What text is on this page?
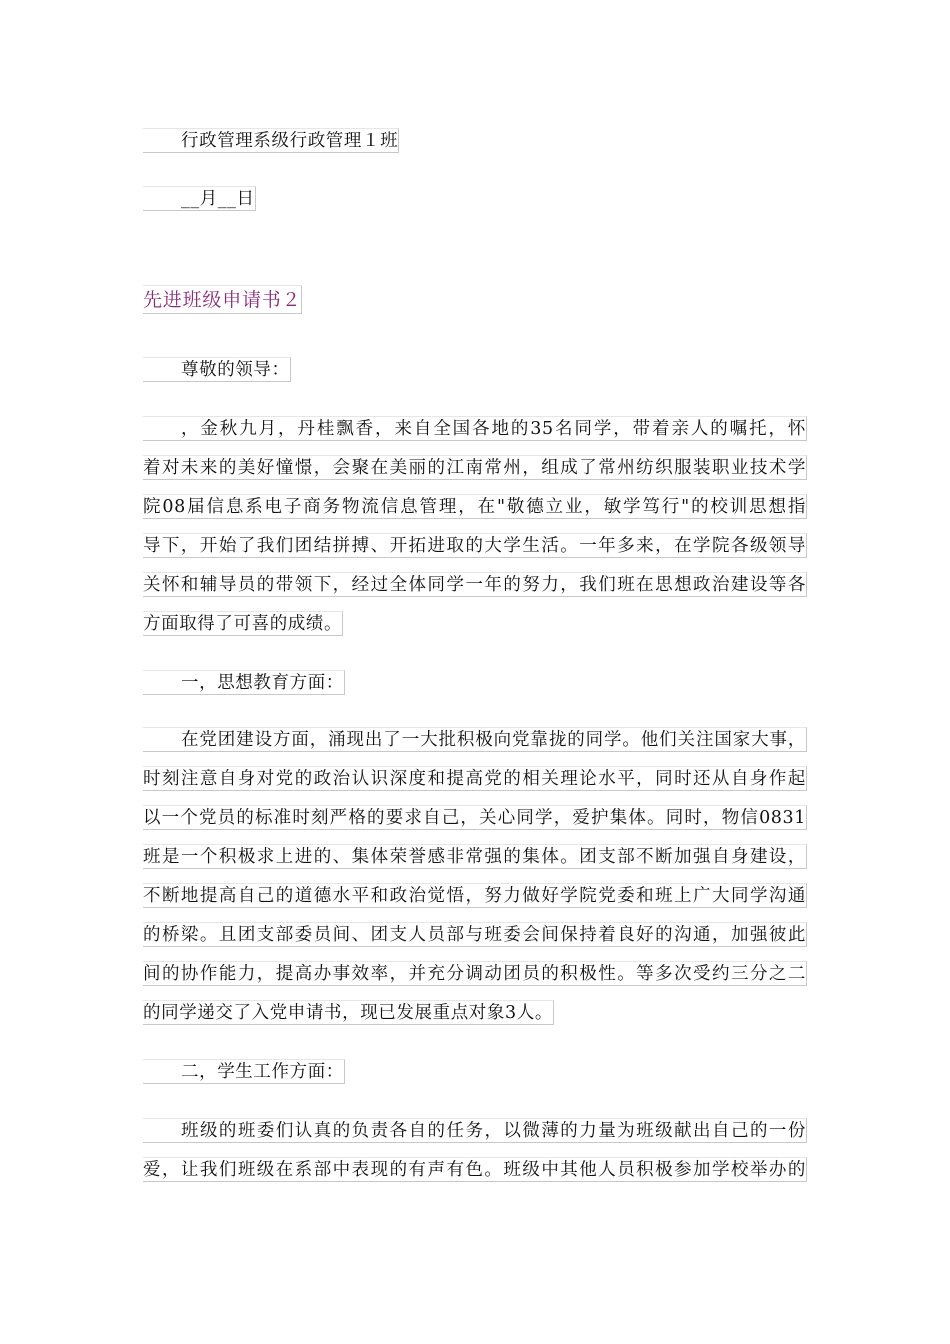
行政管理系级行政管理１班
__月__日
先进班级申请书２
尊敬的领导：
，金秋九月，丹桂飘香，来自全国各地的35名同学，带着亲人的嘱托，怀
着对未来的美好憧憬，会聚在美丽的江南常州，组成了常州纺织服装职业技术学
院08届信息系电子商务物流信息管理，在"敬德立业，敏学笃行"的校训思想指
导下，开始了我们团结拼搏、开拓进取的大学生活。一年多来，在学院各级领导
关怀和辅导员的带领下，经过全体同学一年的努力，我们班在思想政治建设等各
方面取得了可喜的成绩。
一，思想教育方面：
在党团建设方面，涌现出了一大批积极向党靠拢的同学。他们关注国家大事，
时刻注意自身对党的政治认识深度和提高党的相关理论水平，同时还从自身作起
以一个党员的标准时刻严格的要求自己，关心同学，爱护集体。同时，物信0831
班是一个积极求上进的、集体荣誉感非常强的集体。团支部不断加强自身建设，
不断地提高自己的道德水平和政治觉悟，努力做好学院党委和班上广大同学沟通
的桥梁。且团支部委员间、团支人员部与班委会间保持着良好的沟通，加强彼此
间的协作能力，提高办事效率，并充分调动团员的积极性。等多次受约三分之二
的同学递交了入党申请书，现已发展重点对象3人。
二，学生工作方面：
班级的班委们认真的负责各自的任务，以微薄的力量为班级献出自己的一份
爱，让我们班级在系部中表现的有声有色。班级中其他人员积极参加学校举办的
